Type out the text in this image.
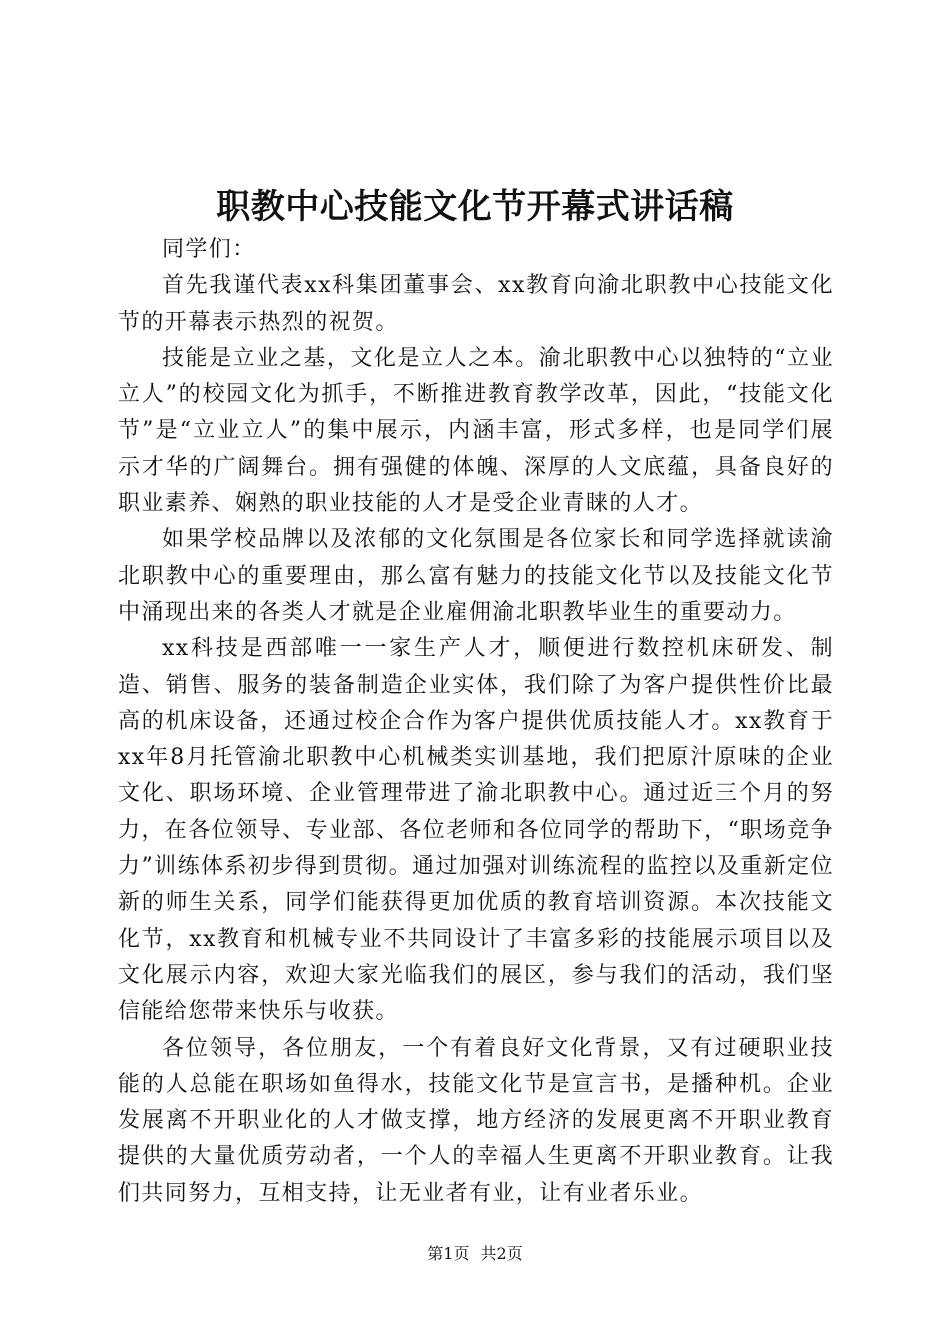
职教中心技能文化节开幕式讲话稿

同学们：

首先我谨代表xx科集团董事会、xx教育向渝北职教中心技能文化节的开幕表示热烈的祝贺。

技能是立业之基，文化是立人之本。渝北职教中心以独特的“立业立人”的校园文化为抓手，不断推进教育教学改革，因此，“技能文化节”是“立业立人”的集中展示，内涵丰富，形式多样，也是同学们展示才华的广阔舞台。拥有强健的体魄、深厚的人文底蕴，具备良好的职业素养、娴熟的职业技能的人才是受企业青睐的人才。

如果学校品牌以及浓郁的文化氛围是各位家长和同学选择就读渝北职教中心的重要理由，那么富有魅力的技能文化节以及技能文化节中涌现出来的各类人才就是企业雇佣渝北职教毕业生的重要动力。

xx科技是西部唯一一家生产人才，顺便进行数控机床研发、制造、销售、服务的装备制造企业实体，我们除了为客户提供性价比最高的机床设备，还通过校企合作为客户提供优质技能人才。xx教育于xx年8月托管渝北职教中心机械类实训基地，我们把原汁原味的企业文化、职场环境、企业管理带进了渝北职教中心。通过近三个月的努力，在各位领导、专业部、各位老师和各位同学的帮助下，“职场竞争力”训练体系初步得到贯彻。通过加强对训练流程的监控以及重新定位新的师生关系，同学们能获得更加优质的教育培训资源。本次技能文化节，xx教育和机械专业不共同设计了丰富多彩的技能展示项目以及文化展示内容，欢迎大家光临我们的展区，参与我们的活动，我们坚信能给您带来快乐与收获。

各位领导，各位朋友，一个有着良好文化背景，又有过硬职业技能的人总能在职场如鱼得水，技能文化节是宣言书，是播种机。企业发展离不开职业化的人才做支撑，地方经济的发展更离不开职业教育提供的大量优质劳动者，一个人的幸福人生更离不开职业教育。让我们共同努力，互相支持，让无业者有业，让有业者乐业。

第1页 共2页
